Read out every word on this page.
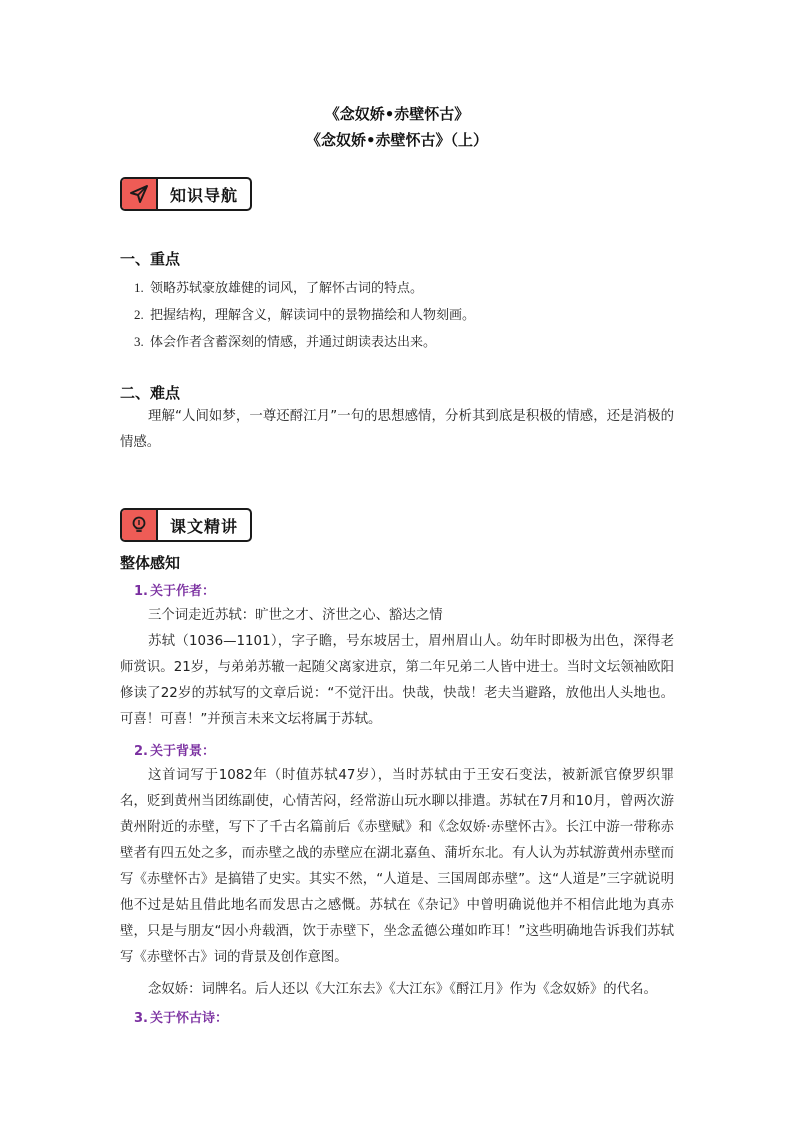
《念奴娇•赤壁怀古》
《念奴娇•赤壁怀古》（上）
知识导航
一、重点
1. 领略苏轼豪放雄健的词风，了解怀古词的特点。
2. 把握结构，理解含义，解读词中的景物描绘和人物刻画。
3. 体会作者含蓄深刻的情感，并通过朗读表达出来。
二、难点

理解“人间如梦，一尊还酹江月”一句的思想感情，分析其到底是积极的情感，还是消极的情感。

课文精讲
整体感知
1. 关于作者：

三个词走近苏轼：旷世之才、济世之心、豁达之情

苏轼（1036—1101），字子瞻，号东坡居士，眉州眉山人。幼年时即极为出色，深得老师赏识。21岁，与弟弟苏辙一起随父离家进京，第二年兄弟二人皆中进士。当时文坛领袖欧阳修读了22岁的苏轼写的文章后说：“不觉汗出。快哉，快哉！老夫当避路，放他出人头地也。可喜！可喜！”并预言未来文坛将属于苏轼。

2. 关于背景：

这首词写于1082年（时值苏轼47岁），当时苏轼由于王安石变法，被新派官僚罗织罪名，贬到黄州当团练副使，心情苦闷，经常游山玩水聊以排遣。苏轼在7月和10月，曾两次游黄州附近的赤壁，写下了千古名篇前后《赤壁赋》和《念奴娇·赤壁怀古》。长江中游一带称赤壁者有四五处之多，而赤壁之战的赤壁应在湖北嘉鱼、蒲圻东北。有人认为苏轼游黄州赤壁而写《赤壁怀古》是搞错了史实。其实不然，“人道是、三国周郎赤壁”。这“人道是”三字就说明他不过是姑且借此地名而发思古之感慨。苏轼在《杂记》中曾明确说他并不相信此地为真赤壁，只是与朋友“因小舟载酒，饮于赤壁下，坐念孟德公瑾如昨耳！”这些明确地告诉我们苏轼写《赤壁怀古》词的背景及创作意图。

念奴娇：词牌名。后人还以《大江东去》《大江东》《酹江月》作为《念奴娇》的代名。

3. 关于怀古诗：
